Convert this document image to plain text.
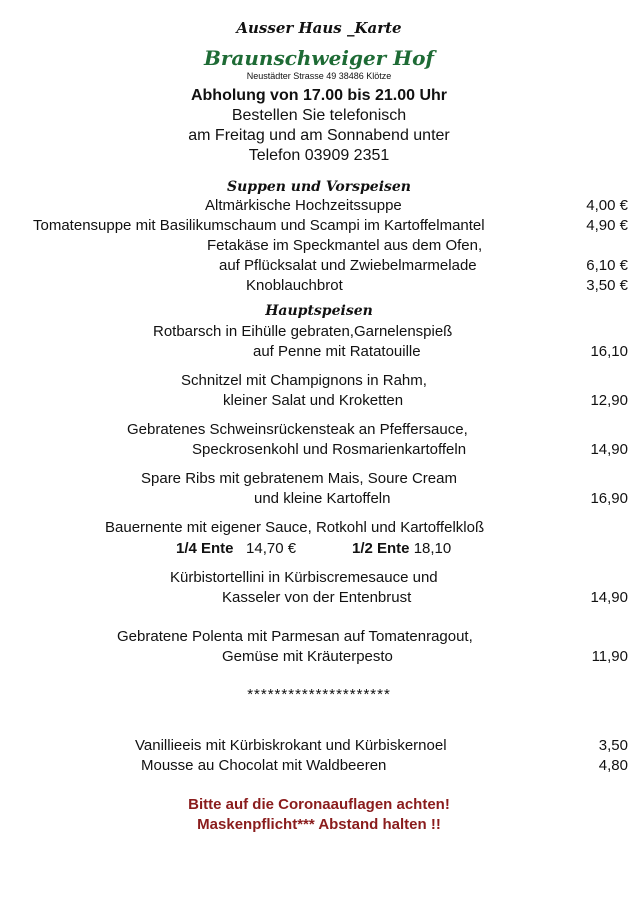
Ausser Haus _Karte
Braunschweiger Hof
Neustädter Strasse 49 38486 Klötze
Abholung von 17.00 bis 21.00 Uhr
Bestellen Sie telefonisch
am Freitag und am Sonnabend unter
Telefon 03909 2351
Suppen und Vorspeisen
Altmärkische Hochzeitssuppe	4,00 €
Tomatensuppe mit Basilikumschaum und Scampi im Kartoffelmantel	4,90 €
Fetakäse im Speckmantel aus dem Ofen,
auf Pflücksalat und Zwiebelmarmelade	6,10 €
Knoblauchbrot	3,50 €
Hauptspeisen
Rotbarsch in Eihülle gebraten,Garnelenspieß
auf Penne mit Ratatouille	16,10
Schnitzel mit Champignons in Rahm,
kleiner Salat und Kroketten	12,90
Gebratenes Schweinsrückensteak an Pfeffersauce,
Speckrosenkohl und Rosmarienkartoffeln	14,90
Spare Ribs mit gebratenem Mais, Soure Cream
und kleine Kartoffeln	16,90
Bauernente mit eigener Sauce, Rotkohl und Kartoffelkloß
1/4 Ente 14,70 €	1/2 Ente 18,10
Kürbistortellini in Kürbiscremesauce und
Kasseler von der Entenbrust	14,90
Gebratene Polenta mit Parmesan auf Tomatenragout,
Gemüse mit Kräuterpesto	11,90
*********************
Vanillieeis mit Kürbiskrokant und Kürbiskernoel	3,50
Mousse au Chocolat mit Waldbeeren	4,80
Bitte auf die Coronaauflagen achten!
Maskenpflicht*** Abstand halten !!
